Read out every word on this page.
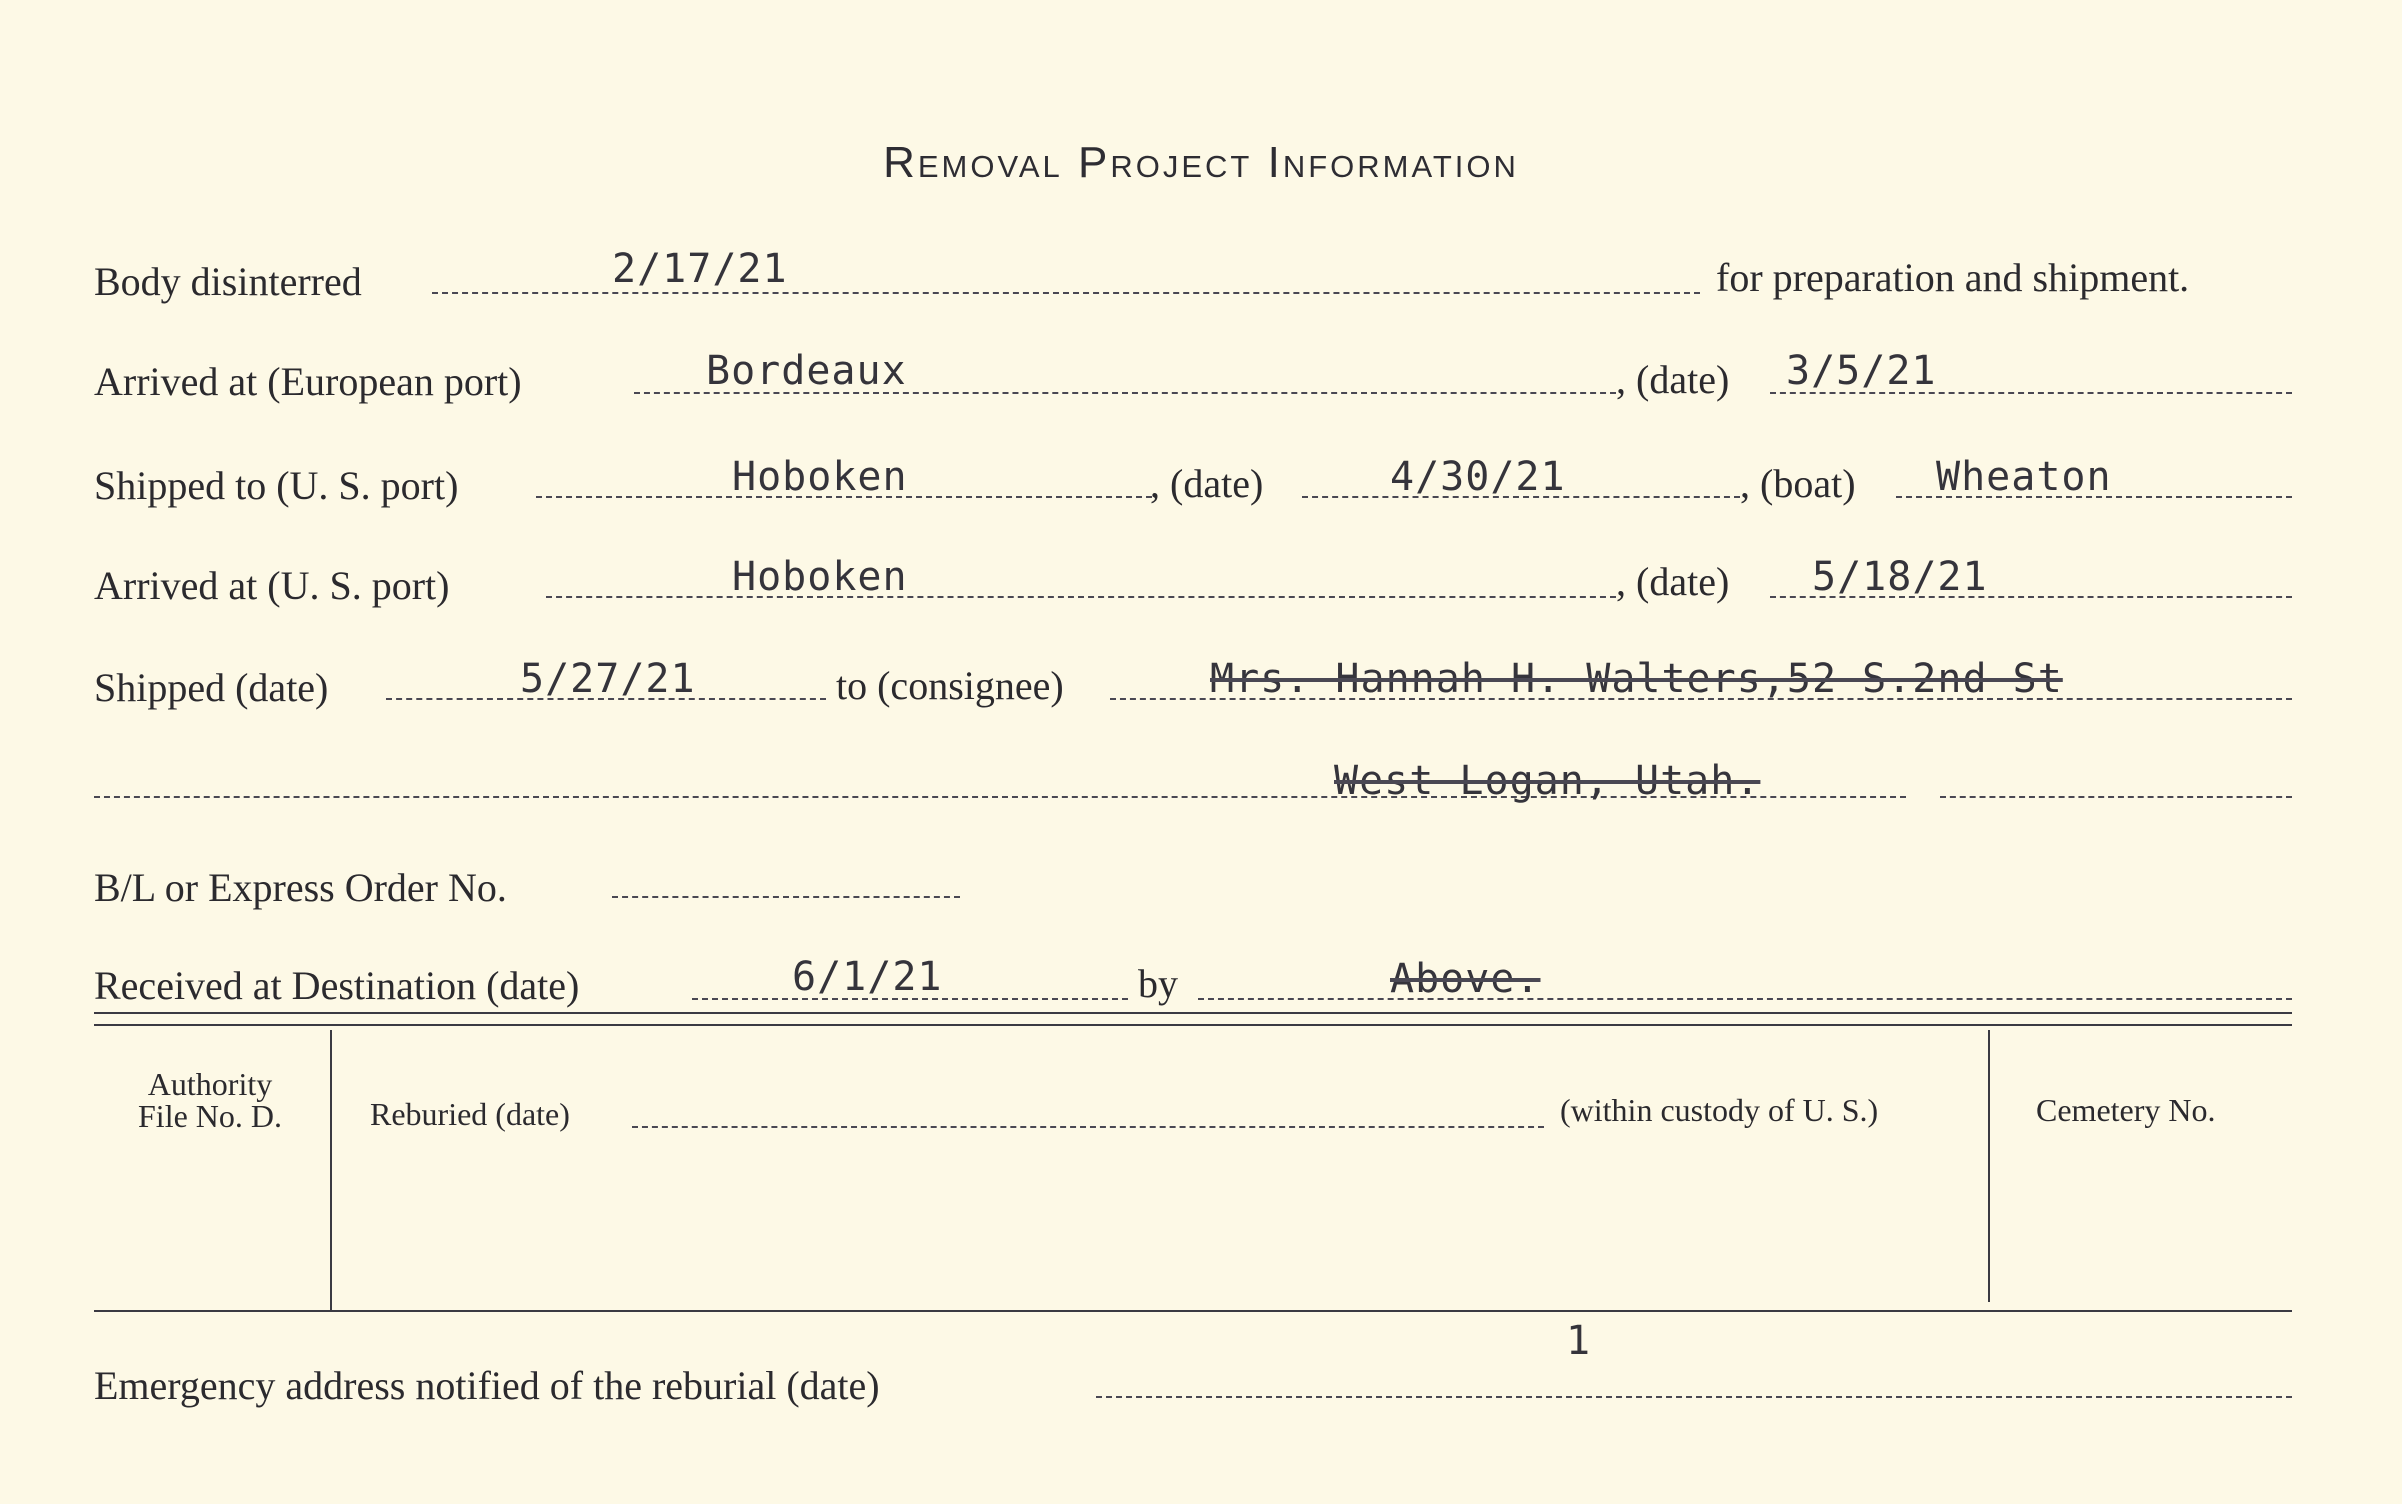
Removal Project Information
Body disinterred	2/17/21	for preparation and shipment.
Arrived at (European port)	Bordeaux	, (date) 3/5/21
Shipped to (U. S. port)	Hoboken	, (date)	4/30/21	, (boat) Wheaton
Arrived at (U. S. port)	Hoboken	, (date) 5/18/21
Shipped (date)	5/27/21	to (consignee)	Mrs. Hannah H. Walters,52 S.2nd St
West Logan, Utah.
B/L or Express Order No.
Received at Destination (date)	6/1/21	by	Above.
Authority
File No. D.	Reburied (date)	(within custody of U. S.)	Cemetery No.
Emergency address notified of the reburial (date)
1
